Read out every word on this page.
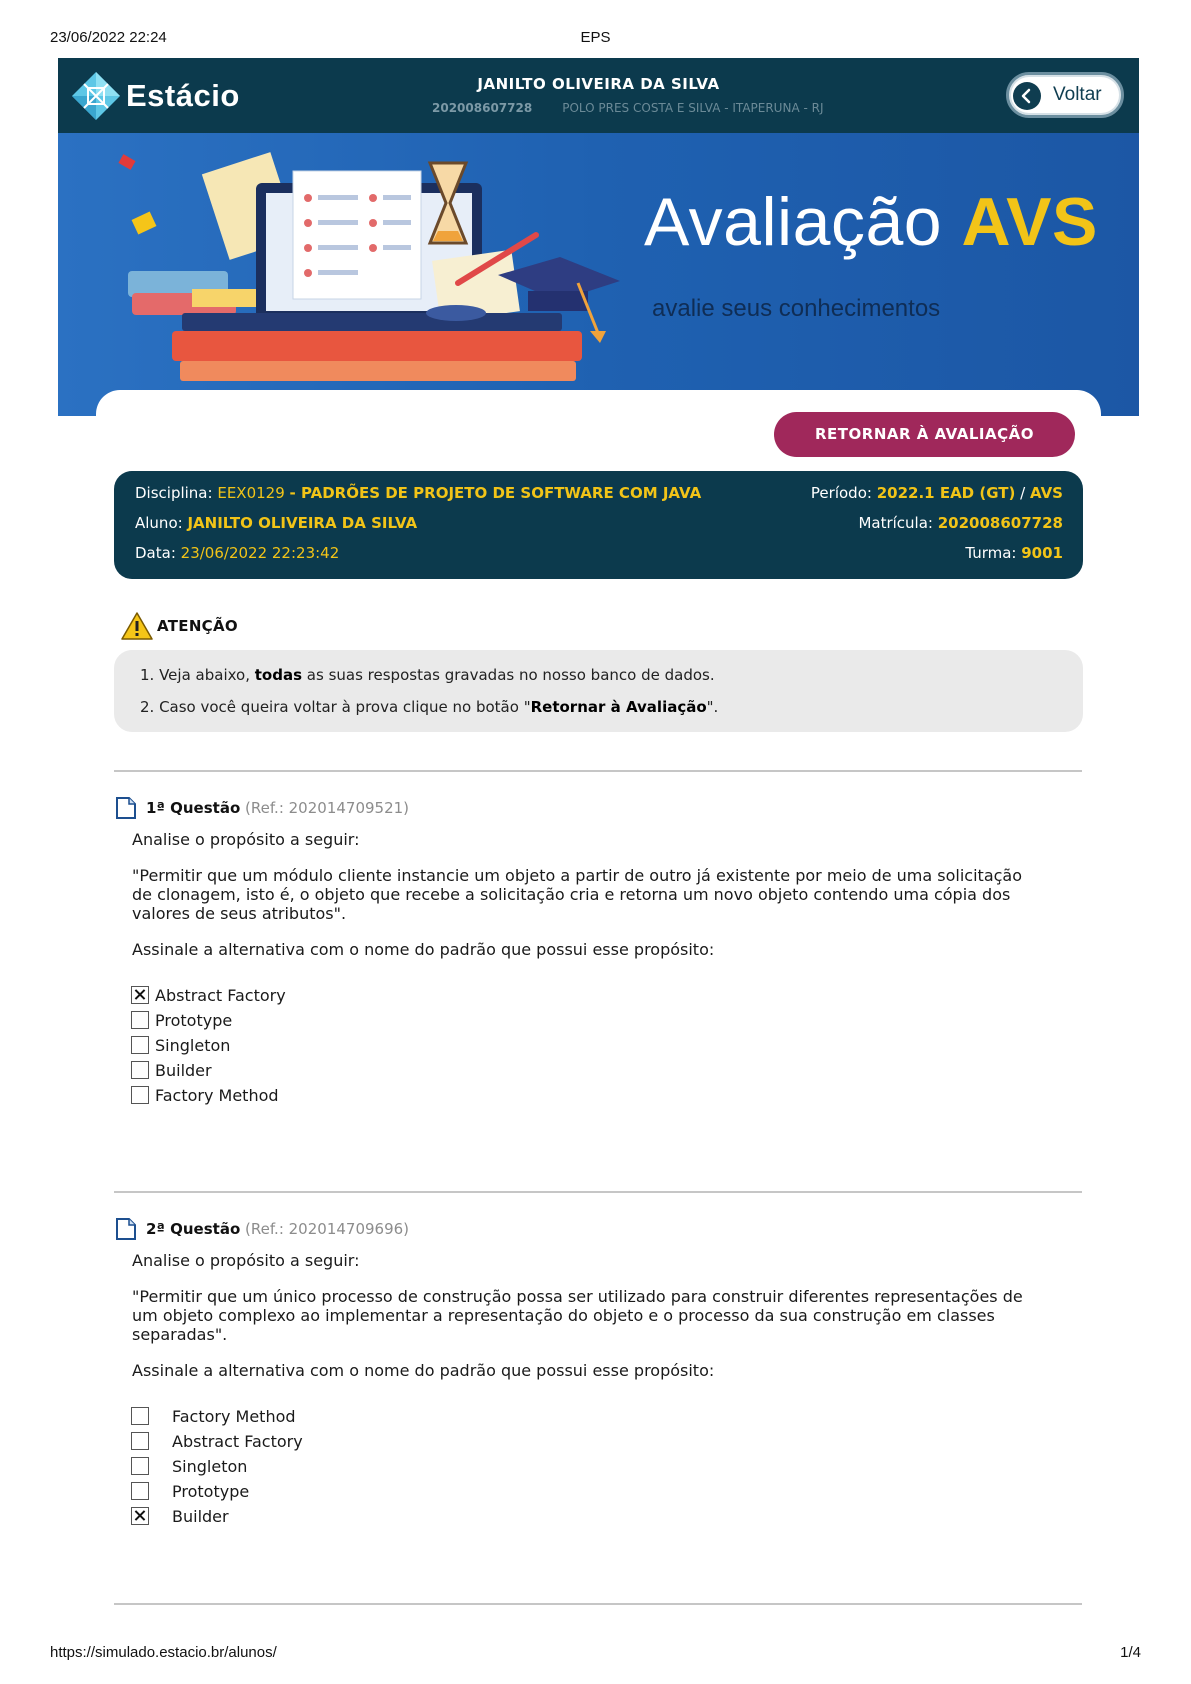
23/06/2022 22:24	EPS
Estácio	JANILTO OLIVEIRA DA SILVA
202008607728	POLO PRES COSTA E SILVA - ITAPERUNA - RJ
Voltar
Avaliação AVS
avalie seus conhecimentos
RETORNAR À AVALIAÇÃO
Disciplina: EEX0129 - PADRÕES DE PROJETO DE SOFTWARE COM JAVA
Aluno: JANILTO OLIVEIRA DA SILVA
Data: 23/06/2022 22:23:42
Período: 2022.1 EAD (GT) / AVS
Matrícula: 202008607728
Turma: 9001
ATENÇÃO
1. Veja abaixo, todas as suas respostas gravadas no nosso banco de dados.
2. Caso você queira voltar à prova clique no botão "Retornar à Avaliação".
1ª Questão (Ref.: 202014709521)
Analise o propósito a seguir:
"Permitir que um módulo cliente instancie um objeto a partir de outro já existente por meio de uma solicitação
de clonagem, isto é, o objeto que recebe a solicitação cria e retorna um novo objeto contendo uma cópia dos
valores de seus atributos".
Assinale a alternativa com o nome do padrão que possui esse propósito:
Abstract Factory
Prototype
Singleton
Builder
Factory Method
2ª Questão (Ref.: 202014709696)
Analise o propósito a seguir:
"Permitir que um único processo de construção possa ser utilizado para construir diferentes representações de
um objeto complexo ao implementar a representação do objeto e o processo da sua construção em classes
separadas".
Assinale a alternativa com o nome do padrão que possui esse propósito:
Factory Method
Abstract Factory
Singleton
Prototype
Builder
https://simulado.estacio.br/alunos/	1/4
